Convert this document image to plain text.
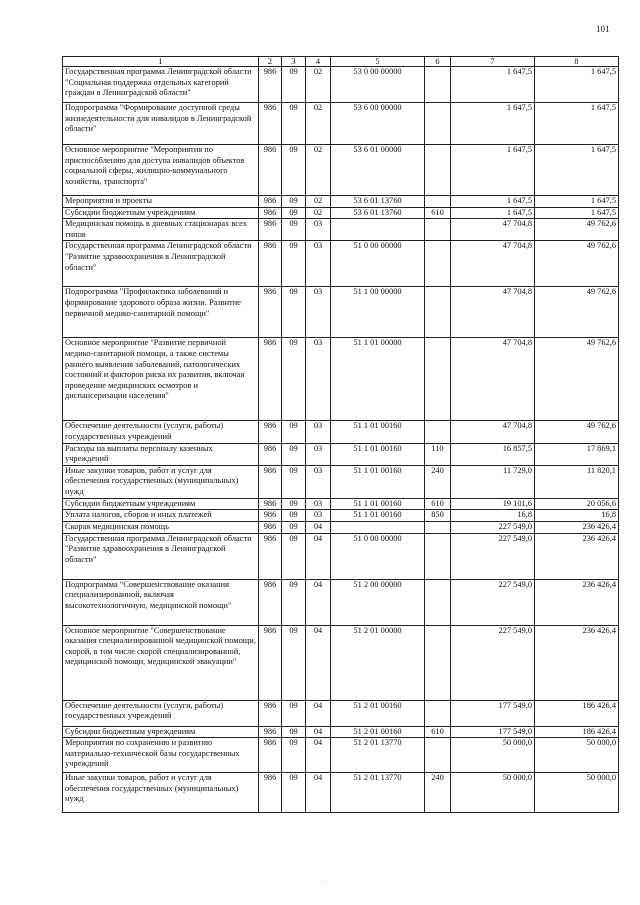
101
1	2	3	4	5	6	7	8
Государственная программа Ленинградской области "Социальная поддержка отдельных категорий граждан в Ленинградской области"	986	09	02	53 0 00 00000		1 647,5	1 647,5
Подпрограмма "Формирование доступной среды жизнедеятельности для инвалидов в Ленинградской области"	986	09	02	53 6 00 00000		1 647,5	1 647,5
Основное мероприятие "Мероприятия по приспособлению для доступа инвалидов объектов социальной сферы, жилищно-коммунального хозяйства, транспорта"	986	09	02	53 6 01 00000		1 647,5	1 647,5
Мероприятия и проекты	986	09	02	53 6 01 13760		1 647,5	1 647,5
Субсидии бюджетным учреждениям	986	09	02	53 6 01 13760	610	1 647,5	1 647,5
Медицинская помощь в дневных стационарах всех типов	986	09	03			47 704,8	49 762,6
Государственная программа Ленинградской области "Развитие здравоохранения в Ленинградской области"	986	09	03	51 0 00 00000		47 704,8	49 762,6
Подпрограмма "Профилактика заболеваний и формирование здорового образа жизни. Развитие первичной медико-санитарной помощи"	986	09	03	51 1 00 00000		47 704,8	49 762,6
Основное мероприятие "Развитие первичной медико-санитарной помощи, а также системы раннего выявления заболеваний, патологических состояний и факторов риска их развития, включая проведение медицинских осмотров и диспансеризации населения"	986	09	03	51 1 01 00000		47 704,8	49 762,6
Обеспечение деятельности (услуги, работы) государственных учреждений	986	09	03	51 1 01 00160		47 704,8	49 762,6
Расходы на выплаты персоналу казенных учреждений	986	09	03	51 1 01 00160	110	16 857,5	17 869,1
Иные закупки товаров, работ и услуг для обеспечения государственных (муниципальных) нужд	986	09	03	51 1 01 00160	240	11 729,0	11 820,1
Субсидии бюджетным учреждениям	986	09	03	51 1 01 00160	610	19 101,6	20 056,6
Уплата налогов, сборов и иных платежей	986	09	03	51 1 01 00160	850	16,8	16,8
Скорая медицинская помощь	986	09	04			227 549,0	236 426,4
Государственная программа Ленинградской области "Развитие здравоохранения в Ленинградской области"	986	09	04	51 0 00 00000		227 549,0	236 426,4
Подпрограмма "Совершенствование оказания специализированной, включая высокотехнологичную, медицинской помощи"	986	09	04	51 2 00 00000		227 549,0	236 426,4
Основное мероприятие "Совершенствование оказания специализированной медицинской помощи, скорой, в том числе скорой специализированной, медицинской помощи, медицинской эвакуации"	986	09	04	51 2 01 00000		227 549,0	236 426,4
Обеспечение деятельности (услуги, работы) государственных учреждений	986	09	04	51 2 01 00160		177 549,0	186 426,4
Субсидии бюджетным учреждениям	986	09	04	51 2 01 00160	610	177 549,0	186 426,4
Мероприятия по сохранению и развитию материально-технической базы государственных учреждений	986	09	04	51 2 01 13770		50 000,0	50 000,0
Иные закупки товаров, работ и услуг для обеспечения государственных (муниципальных) нужд	986	09	04	51 2 01 13770	240	50 000,0	50 000,0
·
